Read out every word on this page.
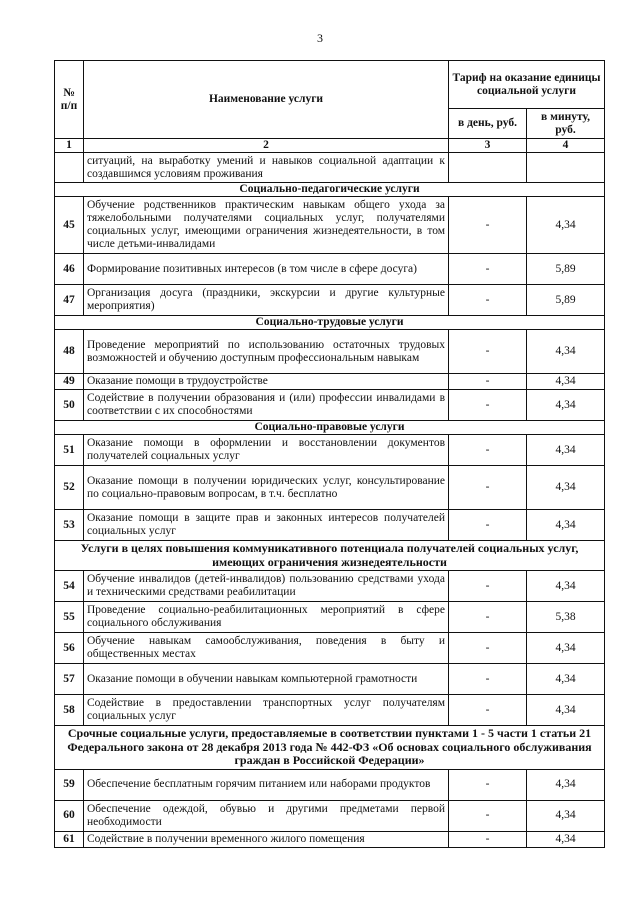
3
№ п/п	Наименование услуги	Тариф на оказание единицы социальной услуги	
		в день, руб.	в минуту, руб.
1	2	3	4
	ситуаций, на выработку умений и навыков социальной адаптации к создавшимся условиям проживания		
Социально-педагогические услуги			
45	Обучение родственников практическим навыкам общего ухода за тяжелобольными получателями социальных услуг, получателями социальных услуг, имеющими ограничения жизнедеятельности, в том числе детьми-инвалидами	-	4,34
46	Формирование позитивных интересов (в том числе в сфере досуга)	-	5,89
47	Организация досуга (праздники, экскурсии и другие культурные мероприятия)	-	5,89
Социально-трудовые услуги			
48	Проведение мероприятий по использованию остаточных трудовых возможностей и обучению доступным профессиональным навыкам	-	4,34
49	Оказание помощи в трудоустройстве	-	4,34
50	Содействие в получении образования и (или) профессии инвалидами в соответствии с их способностями	-	4,34
Социально-правовые услуги			
51	Оказание помощи в оформлении и восстановлении документов получателей социальных услуг	-	4,34
52	Оказание помощи в получении юридических услуг, консультирование по социально-правовым вопросам, в т.ч. бесплатно	-	4,34
53	Оказание помощи в защите прав и законных интересов получателей социальных услуг	-	4,34
Услуги в целях повышения коммуникативного потенциала получателей социальных услуг, имеющих ограничения жизнедеятельности			
54	Обучение инвалидов (детей-инвалидов) пользованию средствами ухода и техническими средствами реабилитации	-	4,34
55	Проведение социально-реабилитационных мероприятий в сфере социального обслуживания	-	5,38
56	Обучение навыкам самообслуживания, поведения в быту и общественных местах	-	4,34
57	Оказание помощи в обучении навыкам компьютерной грамотности	-	4,34
58	Содействие в предоставлении транспортных услуг получателям социальных услуг	-	4,34
Срочные социальные услуги, предоставляемые в соответствии пунктами 1 - 5 части 1 статьи 21 Федерального закона от 28 декабря 2013 года № 442-ФЗ «Об основах социального обслуживания граждан в Российской Федерации»			
59	Обеспечение бесплатным горячим питанием или наборами продуктов	-	4,34
60	Обеспечение одеждой, обувью и другими предметами первой необходимости	-	4,34
61	Содействие в получении временного жилого помещения	-	4,34
